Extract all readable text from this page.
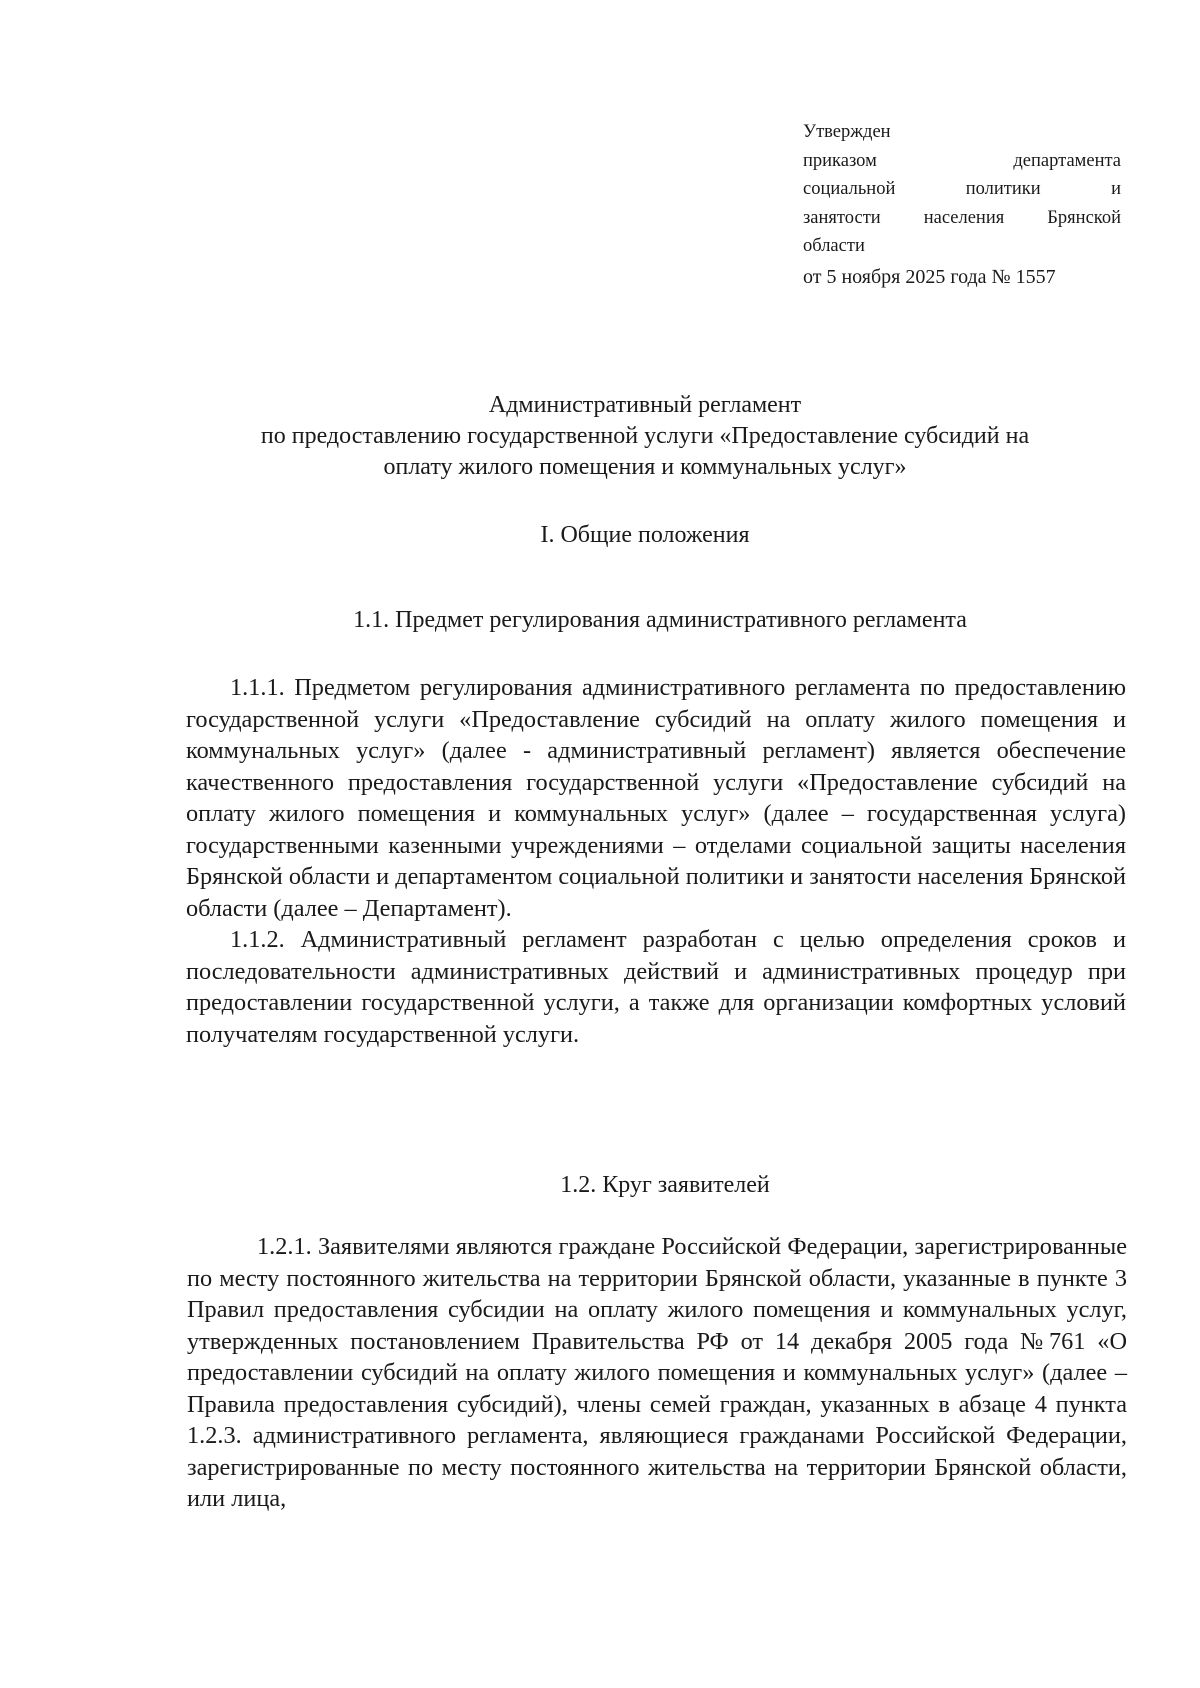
Утвержден
приказом	департамента
социальной	политики	и
занятости населения Брянской
области
от 5 ноября 2025 года № 1557
Административный регламент
по предоставлению государственной услуги «Предоставление субсидий на
оплату жилого помещения и коммунальных услуг»
I. Общие положения
1.1. Предмет регулирования административного регламента

1.1.1. Предметом регулирования административного регламента по предоставлению государственной услуги «Предоставление субсидий на оплату жилого помещения и коммунальных услуг» (далее - административный регламент) является обеспечение качественного предоставления государственной услуги «Предоставление субсидий на оплату жилого помещения и коммунальных услуг» (далее – государственная услуга) государственными казенными учреждениями – отделами социальной защиты населения Брянской области и департаментом социальной политики и занятости населения Брянской области (далее – Департамент).

1.1.2. Административный регламент разработан с целью определения сроков и последовательности административных действий и административных процедур при предоставлении государственной услуги, а также для организации комфортных условий получателям государственной услуги.

1.2. Круг заявителей

1.2.1. Заявителями являются граждане Российской Федерации, зарегистрированные по месту постоянного жительства на территории Брянской области, указанные в пункте 3 Правил предоставления субсидии на оплату жилого помещения и коммунальных услуг, утвержденных постановлением Правительства РФ от 14 декабря 2005 года №761 «О предоставлении субсидий на оплату жилого помещения и коммунальных услуг» (далее – Правила предоставления субсидий), члены семей граждан, указанных в абзаце 4 пункта 1.2.3. административного регламента, являющиеся гражданами Российской Федерации, зарегистрированные по месту постоянного жительства на территории Брянской области, или лица,
